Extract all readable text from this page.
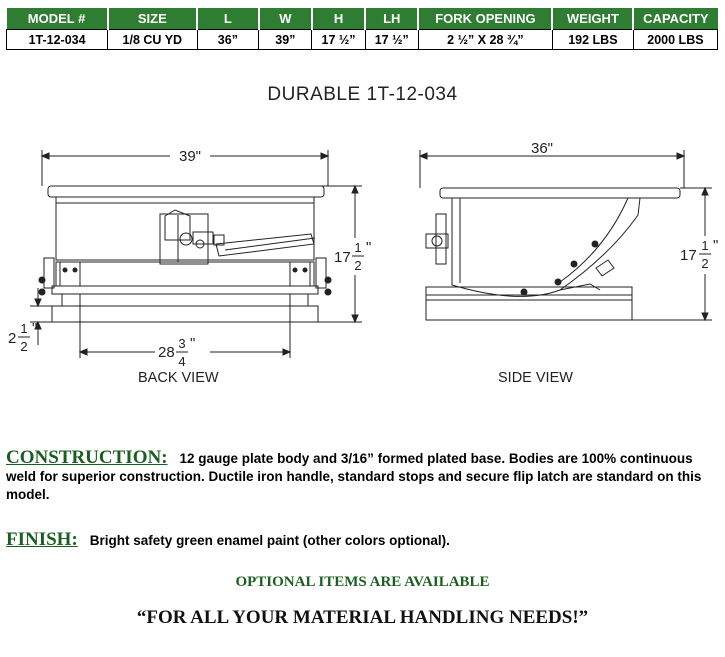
MODEL #	SIZE	L	W	H	LH	FORK OPENING	WEIGHT	CAPACITY
1T-12-034	1/8 CU YD	36”	39”	17 ½”	17 ½”	2 ½” X 28 ¾”	192 LBS	2000 LBS
DURABLE 1T-12-034
39"
17
1
2
"
28
3
4
"
2
1
2
"
36"
17
1
2
"
BACK VIEW	SIDE VIEW
CONSTRUCTION: 12 gauge plate body and 3/16” formed plated base. Bodies are 100% continuous weld for superior construction. Ductile iron handle, standard stops and secure flip latch are standard on this model.
FINISH: Bright safety green enamel paint (other colors optional).
OPTIONAL ITEMS ARE AVAILABLE
“FOR ALL YOUR MATERIAL HANDLING NEEDS!”
